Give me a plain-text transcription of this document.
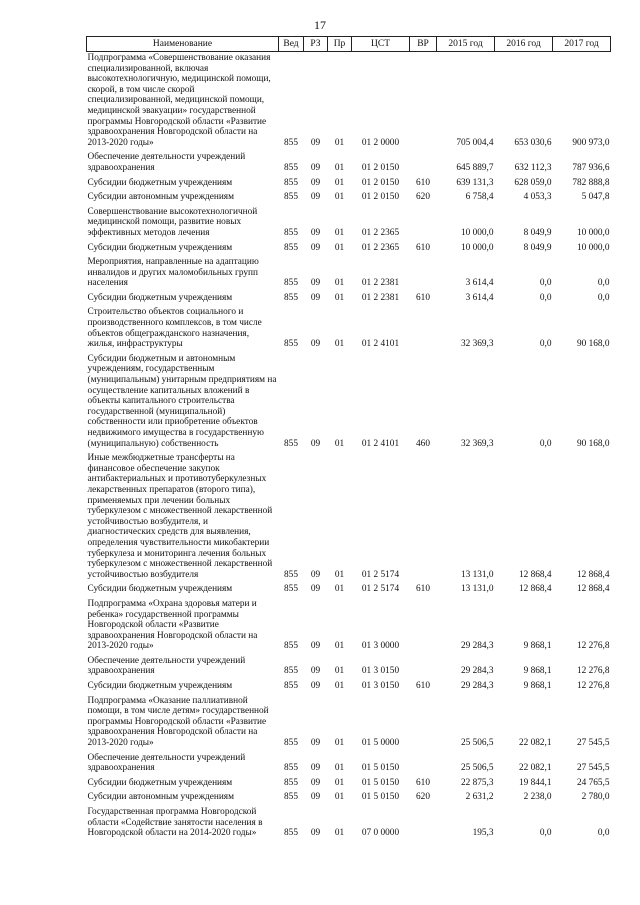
17
Наименование	Вед	РЗ	Пр	ЦСТ	ВР	2015 год	2016 год	2017 год
Подпрограмма «Совершенствование оказания специализированной, включая высокотехнологичную, медицинской помощи, скорой, в том числе скорой специализированной, медицинской помощи, медицинской эвакуации» государственной программы Новгородской области «Развитие здравоохранения Новгородской области на 2013-2020 годы»	855	09	01	01 2 0000		705 004,4	653 030,6	900 973,0
Обеспечение деятельности учреждений здравоохранения	855	09	01	01 2 0150		645 889,7	632 112,3	787 936,6
Субсидии бюджетным учреждениям	855	09	01	01 2 0150	610	639 131,3	628 059,0	782 888,8
Субсидии автономным учреждениям	855	09	01	01 2 0150	620	6 758,4	4 053,3	5 047,8
Совершенствование высокотехнологичной медицинской помощи, развитие новых эффективных методов лечения	855	09	01	01 2 2365		10 000,0	8 049,9	10 000,0
Субсидии бюджетным учреждениям	855	09	01	01 2 2365	610	10 000,0	8 049,9	10 000,0
Мероприятия, направленные на адаптацию инвалидов и других маломобильных групп населения	855	09	01	01 2 2381		3 614,4	0,0	0,0
Субсидии бюджетным учреждениям	855	09	01	01 2 2381	610	3 614,4	0,0	0,0
Строительство объектов социального и производственного комплексов, в том числе объектов общегражданского назначения, жилья, инфраструктуры	855	09	01	01 2 4101		32 369,3	0,0	90 168,0
Субсидии бюджетным и автономным учреждениям, государственным (муниципальным) унитарным предприятиям на осуществление капитальных вложений в объекты капитального строительства государственной (муниципальной) собственности или приобретение объектов недвижимого имущества в государственную (муниципальную) собственность	855	09	01	01 2 4101	460	32 369,3	0,0	90 168,0
Иные межбюджетные трансферты на финансовое обеспечение закупок антибактериальных и противотуберкулезных лекарственных препаратов (второго типа), применяемых при лечении больных туберкулезом с множественной лекарственной устойчивостью возбудителя, и диагностических средств для выявления, определения чувствительности микобактерии туберкулеза и мониторинга лечения больных туберкулезом с множественной лекарственной устойчивостью возбудителя	855	09	01	01 2 5174		13 131,0	12 868,4	12 868,4
Субсидии бюджетным учреждениям	855	09	01	01 2 5174	610	13 131,0	12 868,4	12 868,4
Подпрограмма «Охрана здоровья матери и ребенка» государственной программы Новгородской области «Развитие здравоохранения Новгородской области на 2013-2020 годы»	855	09	01	01 3 0000		29 284,3	9 868,1	12 276,8
Обеспечение деятельности учреждений здравоохранения	855	09	01	01 3 0150		29 284,3	9 868,1	12 276,8
Субсидии бюджетным учреждениям	855	09	01	01 3 0150	610	29 284,3	9 868,1	12 276,8
Подпрограмма «Оказание паллиативной помощи, в том числе детям» государственной программы Новгородской области «Развитие здравоохранения Новгородской области на 2013-2020 годы»	855	09	01	01 5 0000		25 506,5	22 082,1	27 545,5
Обеспечение деятельности учреждений здравоохранения	855	09	01	01 5 0150		25 506,5	22 082,1	27 545,5
Субсидии бюджетным учреждениям	855	09	01	01 5 0150	610	22 875,3	19 844,1	24 765,5
Субсидии автономным учреждениям	855	09	01	01 5 0150	620	2 631,2	2 238,0	2 780,0
Государственная программа Новгородской области «Содействие занятости населения в Новгородской области на 2014-2020 годы»	855	09	01	07 0 0000		195,3	0,0	0,0
